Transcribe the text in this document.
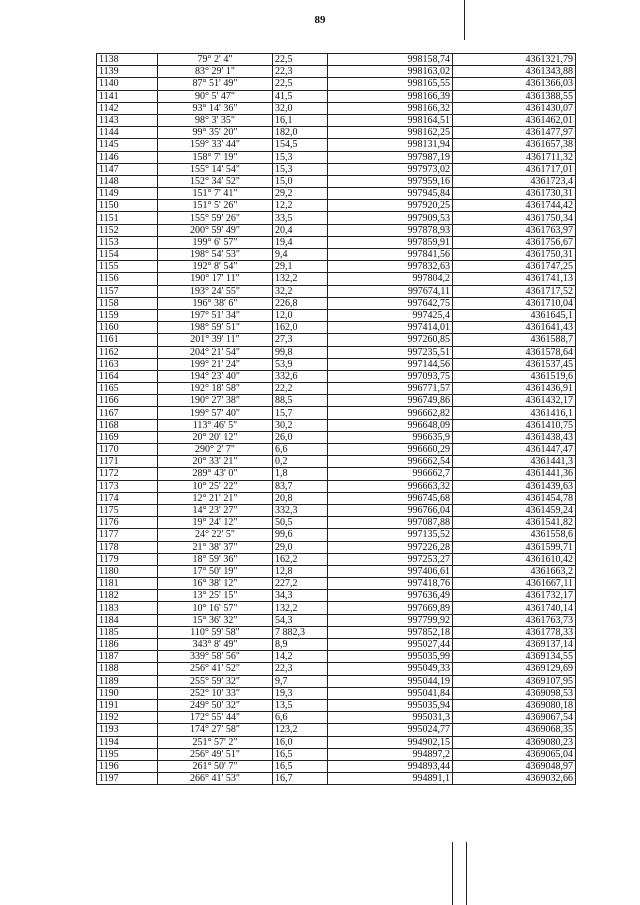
89
1138	79° 2' 4"	22,5	998158,74	4361321,79
1139	83° 29' 1"	22,3	998163,02	4361343,88
1140	87° 51' 49"	22,5	998165,55	4361366,03
1141	90° 5' 47"	41,5	998166,39	4361388,55
1142	93° 14' 36"	32,0	998166,32	4361430,07
1143	98° 3' 35"	16,1	998164,51	4361462,01
1144	99° 35' 20"	182,0	998162,25	4361477,97
1145	159° 33' 44"	154,5	998131,94	4361657,38
1146	158° 7' 19"	15,3	997987,19	4361711,32
1147	155° 14' 54"	15,3	997973,02	4361717,01
1148	152° 34' 52"	15,0	997959,16	4361723,4
1149	151° 7' 41"	29,2	997945,84	4361730,31
1150	151° 5' 26"	12,2	997920,25	4361744,42
1151	155° 59' 26"	33,5	997909,53	4361750,34
1152	200° 59' 49"	20,4	997878,93	4361763,97
1153	199° 6' 57"	19,4	997859,91	4361756,67
1154	198° 54' 53"	9,4	997841,56	4361750,31
1155	192° 8' 54"	29,1	997832,63	4361747,25
1156	190° 17' 11"	132,2	997804,2	4361741,13
1157	193° 24' 55"	32,2	997674,11	4361717,52
1158	196° 38' 6"	226,8	997642,75	4361710,04
1159	197° 51' 34"	12,0	997425,4	4361645,1
1160	198° 59' 51"	162,0	997414,01	4361641,43
1161	201° 39' 11"	27,3	997260,85	4361588,7
1162	204° 21' 54"	99,8	997235,51	4361578,64
1163	199° 21' 24"	53,9	997144,56	4361537,45
1164	194° 23' 40"	332,6	997093,75	4361519,6
1165	192° 18' 58"	22,2	996771,57	4361436,91
1166	190° 27' 38"	88,5	996749,86	4361432,17
1167	199° 57' 40"	15,7	996662,82	4361416,1
1168	113° 46' 5"	30,2	996648,09	4361410,75
1169	20° 20' 12"	26,0	996635,9	4361438,43
1170	290° 2' 7"	6,6	996660,29	4361447,47
1171	20° 33' 21"	0,2	996662,54	4361441,3
1172	289° 43' 0"	1,8	996662,7	4361441,36
1173	10° 25' 22"	83,7	996663,32	4361439,63
1174	12° 21' 21"	20,8	996745,68	4361454,78
1175	14° 23' 27"	332,3	996766,04	4361459,24
1176	19° 24' 12"	50,5	997087,88	4361541,82
1177	24° 22' 5"	99,6	997135,52	4361558,6
1178	21° 38' 37"	29,0	997226,28	4361599,71
1179	18° 59' 36"	162,2	997253,27	4361610,42
1180	17° 50' 19"	12,8	997406,61	4361663,2
1181	16° 38' 12"	227,2	997418,76	4361667,11
1182	13° 25' 15"	34,3	997636,49	4361732,17
1183	10° 16' 57"	132,2	997669,89	4361740,14
1184	15° 36' 32"	54,3	997799,92	4361763,73
1185	110° 59' 58"	7 882,3	997852,18	4361778,33
1186	343° 8' 49"	8,9	995027,44	4369137,14
1187	339° 58' 56"	14,2	995035,99	4369134,55
1188	256° 41' 52"	22,3	995049,33	4369129,69
1189	255° 59' 32"	9,7	995044,19	4369107,95
1190	252° 10' 33"	19,3	995041,84	4369098,53
1191	249° 50' 32"	13,5	995035,94	4369080,18
1192	172° 55' 44"	6,6	995031,3	4369067,54
1193	174° 27' 58"	123,2	995024,77	4369068,35
1194	251° 57' 2"	16,0	994902,15	4369080,23
1195	256° 49' 51"	16,5	994897,2	4369065,04
1196	261° 50' 7"	16,5	994893,44	4369048,97
1197	266° 41' 53"	16,7	994891,1	4369032,66
